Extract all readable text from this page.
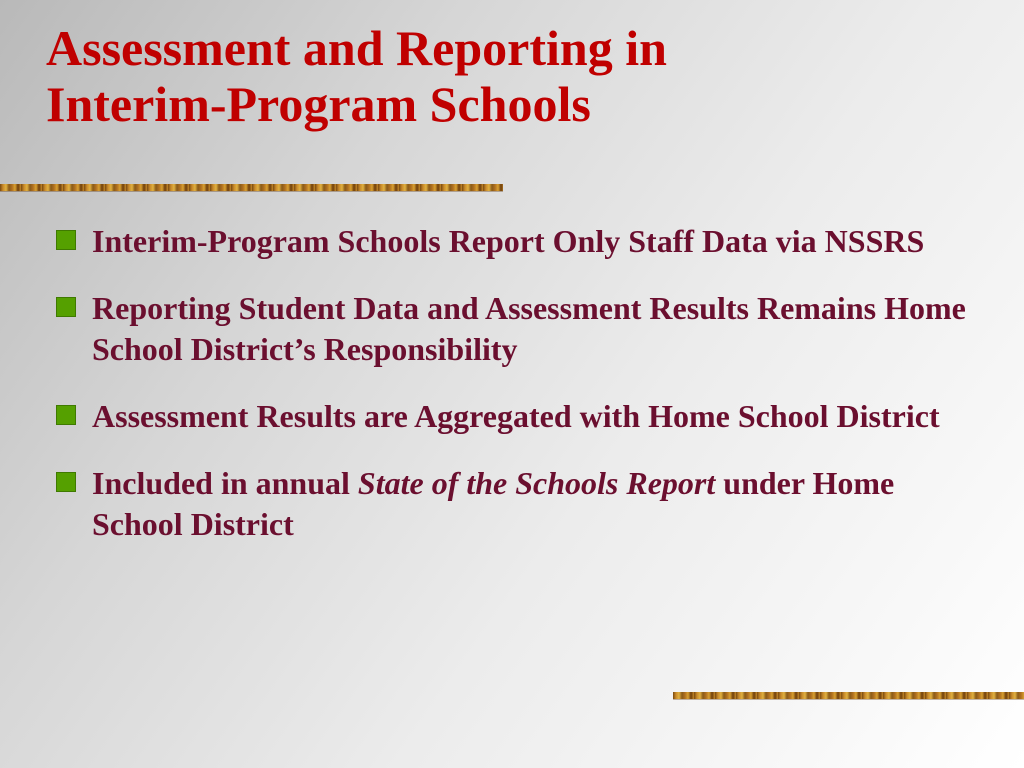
Assessment and Reporting in
Interim-Program Schools
Interim-Program Schools Report Only Staff Data via NSSRS
Reporting Student Data and Assessment Results Remains Home School District’s Responsibility
Assessment Results are Aggregated with Home School District
Included in annual State of the Schools Report under Home School District
